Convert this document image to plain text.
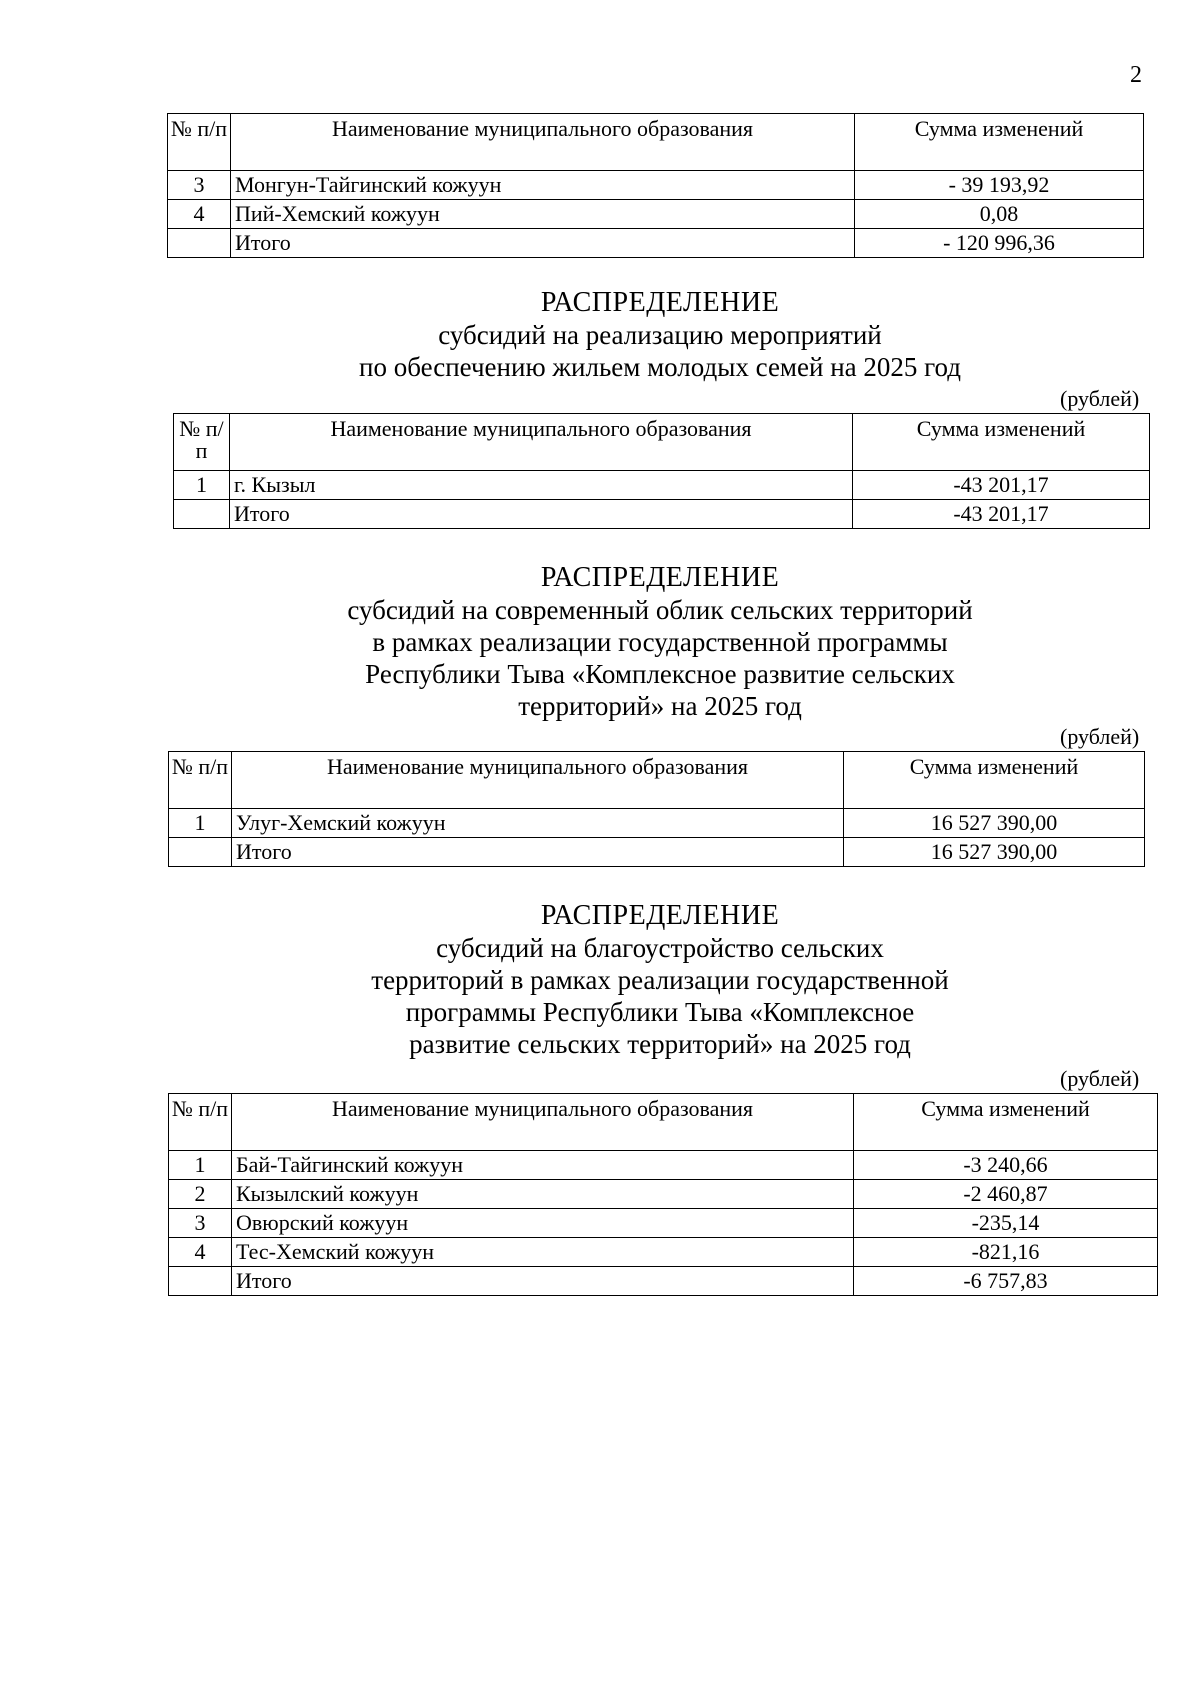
2
№ п/п	Наименование муниципального образования	Сумма изменений
3	Монгун-Тайгинский кожуун	- 39 193,92
4	Пий-Хемский кожуун	0,08
	Итого	- 120 996,36
РАСПРЕДЕЛЕНИЕ
субсидий на реализацию мероприятий
по обеспечению жильем молодых семей на 2025 год
(рублей)
№ п/п	Наименование муниципального образования	Сумма изменений
1	г. Кызыл	-43 201,17
	Итого	-43 201,17
РАСПРЕДЕЛЕНИЕ
субсидий на современный облик сельских территорий
в рамках реализации государственной программы
Республики Тыва «Комплексное развитие сельских
территорий» на 2025 год
(рублей)
№ п/п	Наименование муниципального образования	Сумма изменений
1	Улуг-Хемский кожуун	16 527 390,00
	Итого	16 527 390,00
РАСПРЕДЕЛЕНИЕ
субсидий на благоустройство сельских
территорий в рамках реализации государственной
программы Республики Тыва «Комплексное
развитие сельских территорий» на 2025 год
(рублей)
№ п/п	Наименование муниципального образования	Сумма изменений
1	Бай-Тайгинский кожуун	-3 240,66
2	Кызылский кожуун	-2 460,87
3	Овюрский кожуун	-235,14
4	Тес-Хемский кожуун	-821,16
	Итого	-6 757,83
